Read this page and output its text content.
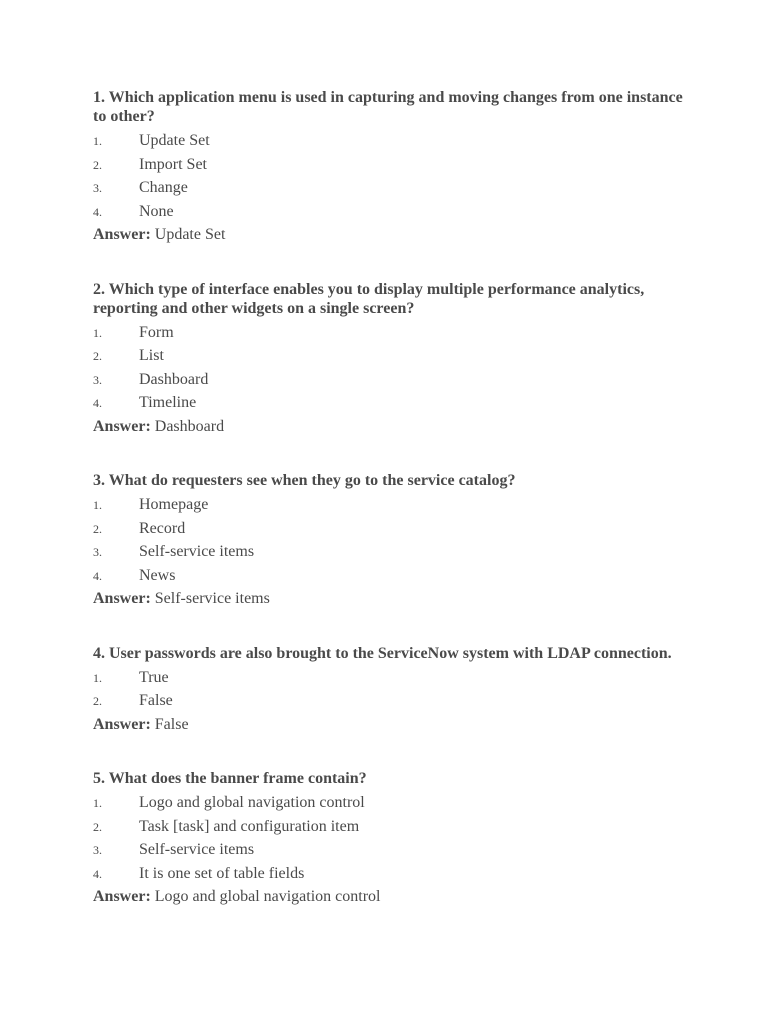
1. Which application menu is used in capturing and moving changes from one instance to other?

1.	Update Set
2.	Import Set
3.	Change
4.	None
Answer: Update Set

2. Which type of interface enables you to display multiple performance analytics, reporting and other widgets on a single screen?

1.	Form
2.	List
3.	Dashboard
4.	Timeline
Answer: Dashboard

3. What do requesters see when they go to the service catalog?

1.	Homepage
2.	Record
3.	Self-service items
4.	News
Answer: Self-service items

4. User passwords are also brought to the ServiceNow system with LDAP connection.

1.	True
2.	False
Answer: False

5. What does the banner frame contain?

1.	Logo and global navigation control
2.	Task [task] and configuration item
3.	Self-service items
4.	It is one set of table fields
Answer: Logo and global navigation control
